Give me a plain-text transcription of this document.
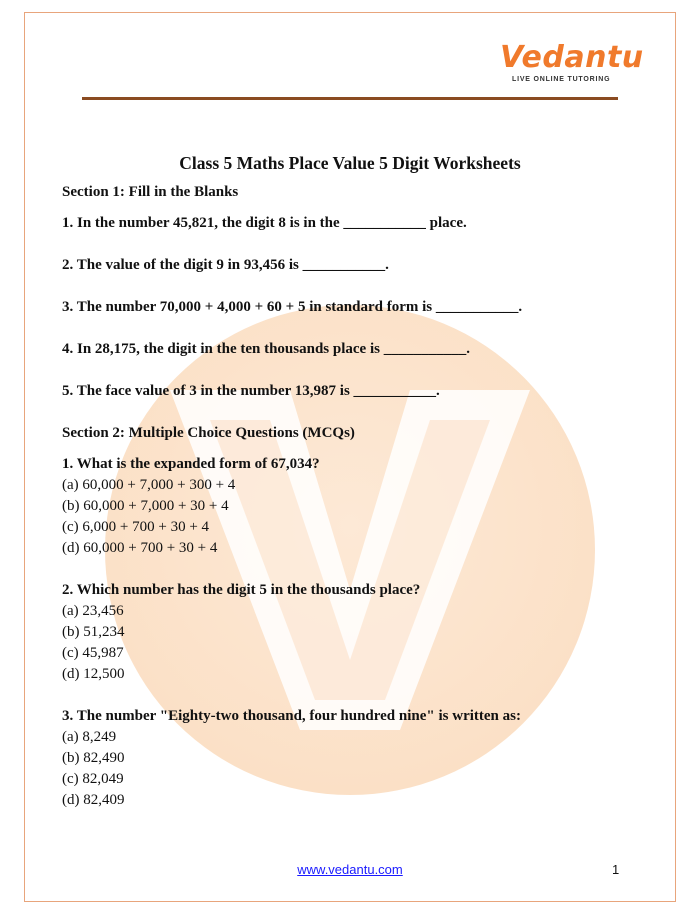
Vedantu
LIVE ONLINE TUTORING
Class 5 Maths Place Value 5 Digit Worksheets

Section 1: Fill in the Blanks

1. In the number 45,821, the digit 8 is in the ___________ place.

2. The value of the digit 9 in 93,456 is ___________.

3. The number 70,000 + 4,000 + 60 + 5 in standard form is ___________.

4. In 28,175, the digit in the ten thousands place is ___________.

5. The face value of 3 in the number 13,987 is ___________.

Section 2: Multiple Choice Questions (MCQs)

1. What is the expanded form of 67,034?

(a) 60,000 + 7,000 + 300 + 4

(b) 60,000 + 7,000 + 30 + 4

(c) 6,000 + 700 + 30 + 4

(d) 60,000 + 700 + 30 + 4

2. Which number has the digit 5 in the thousands place?

(a) 23,456

(b) 51,234

(c) 45,987

(d) 12,500

3. The number "Eighty-two thousand, four hundred nine" is written as:

(a) 8,249

(b) 82,490

(c) 82,049

(d) 82,409

www.vedantu.com	1
